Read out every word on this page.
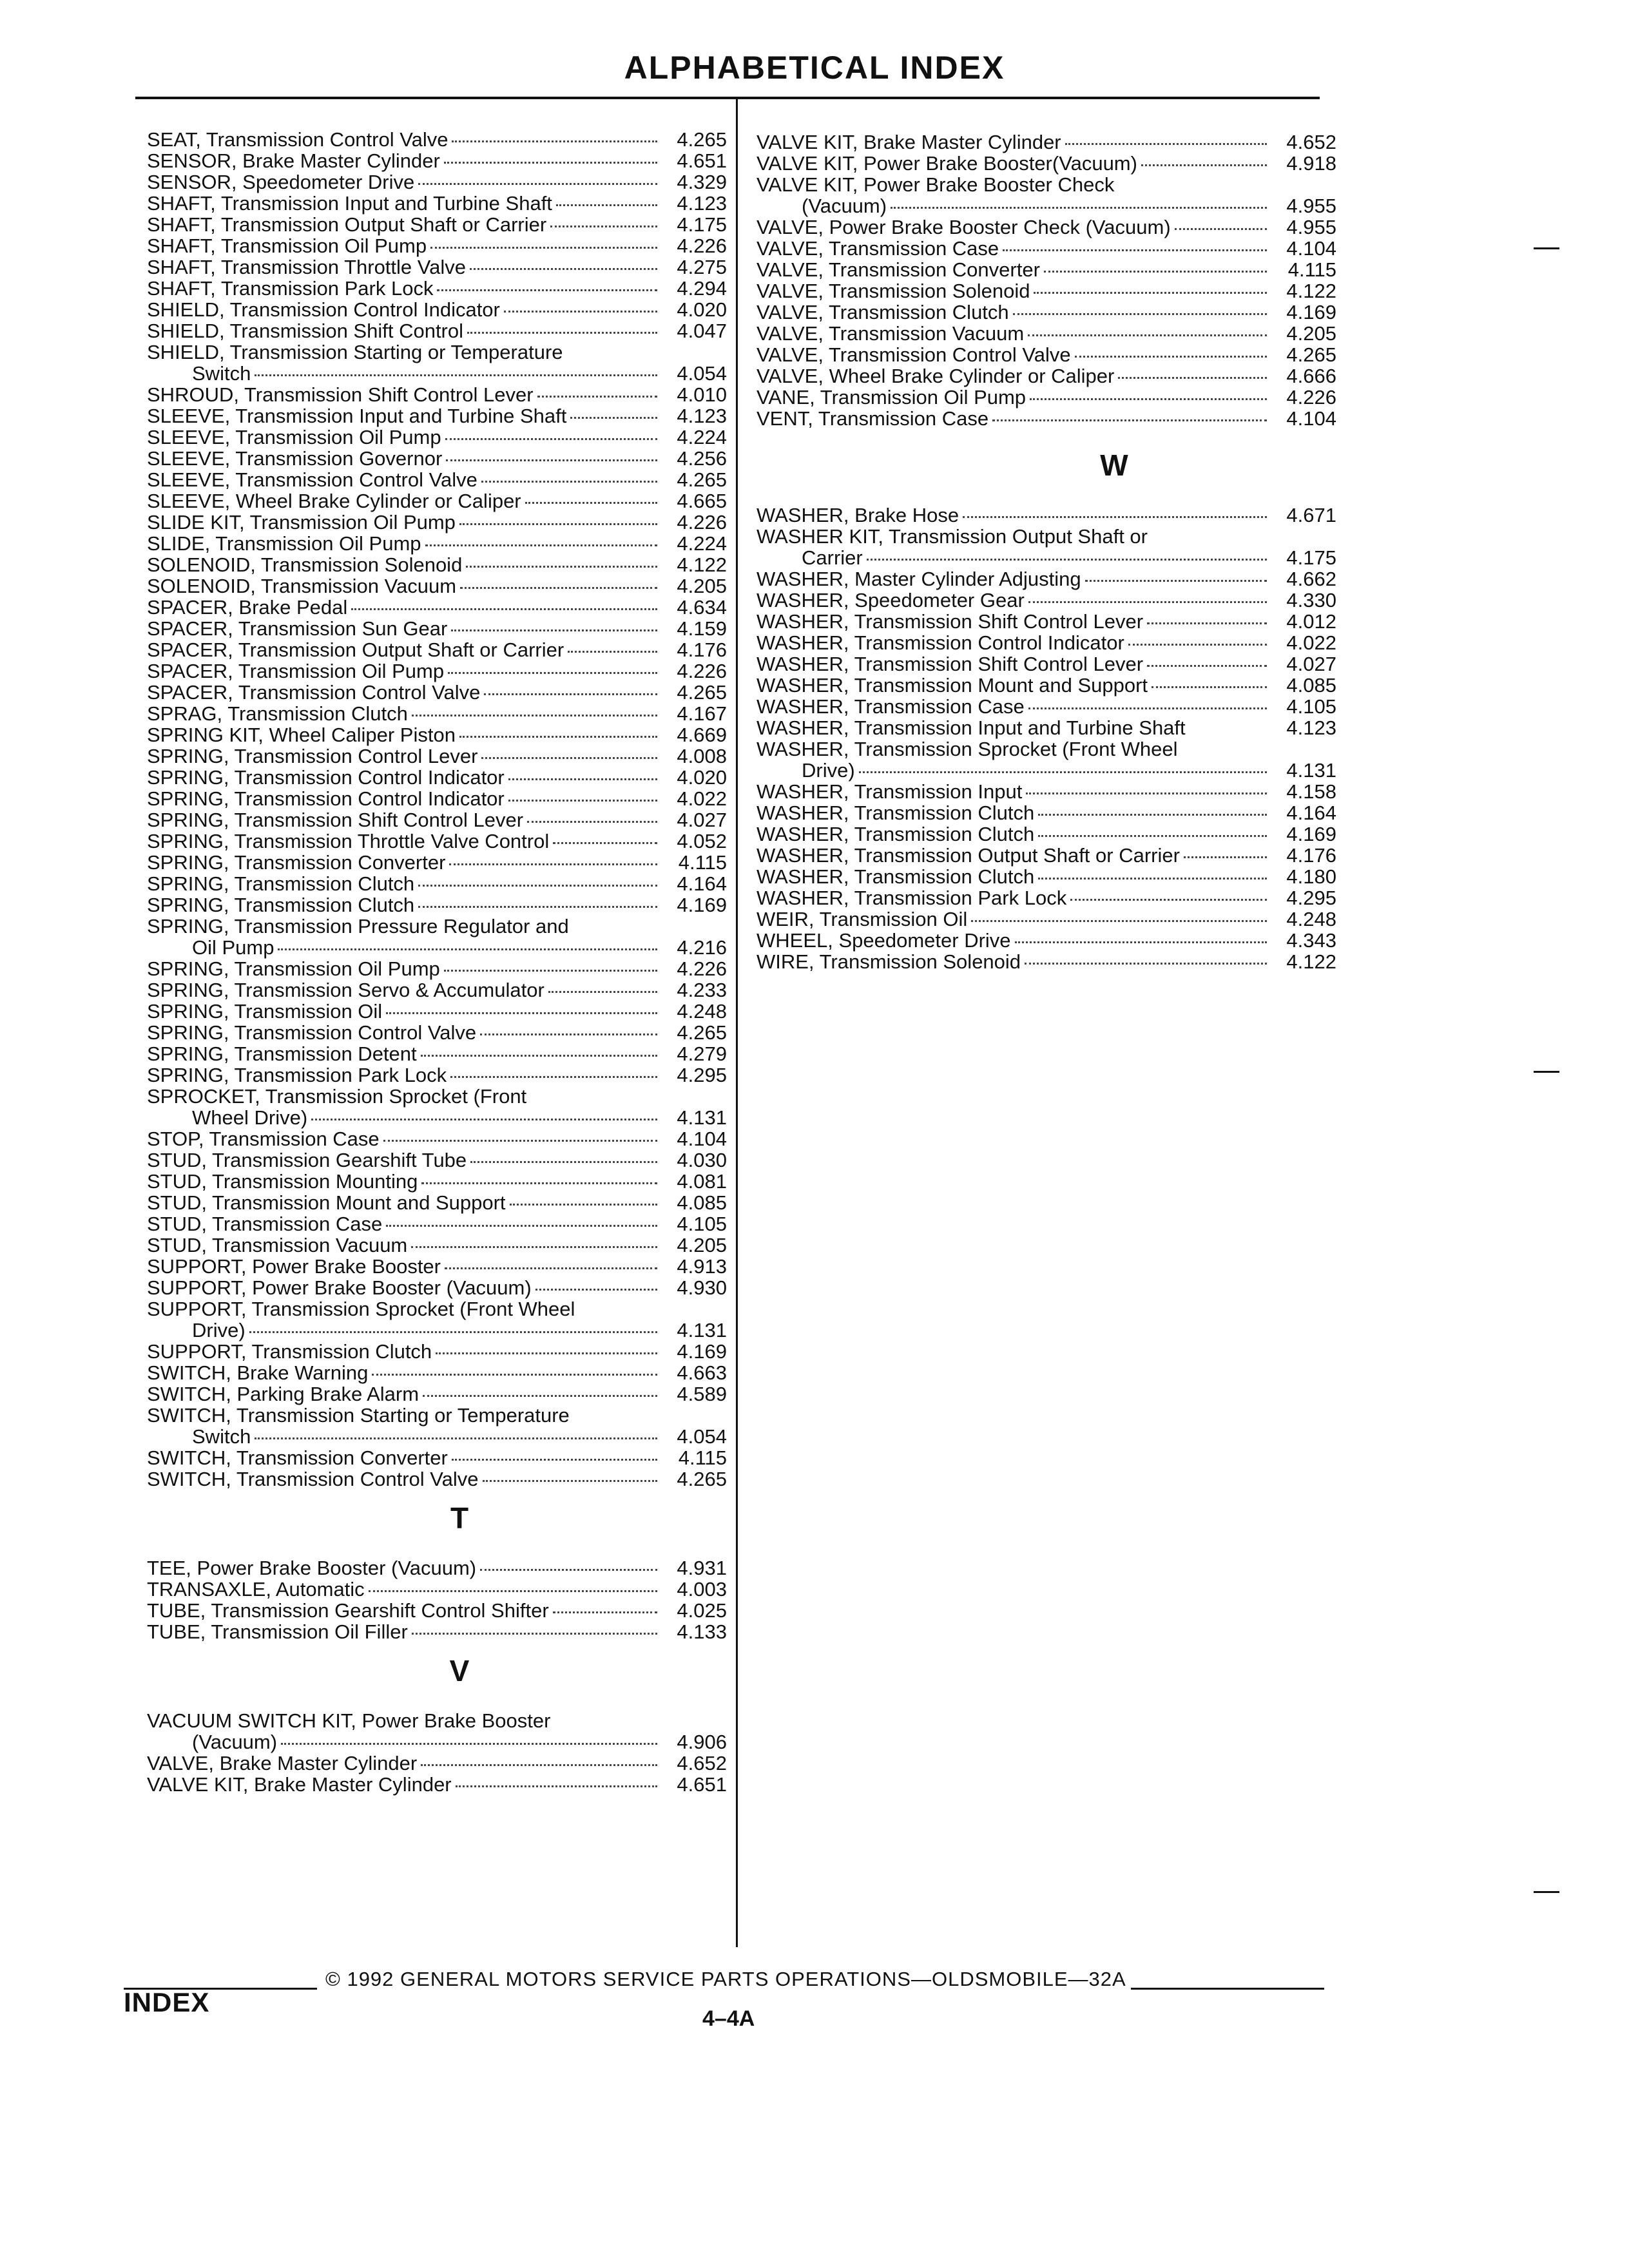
ALPHABETICAL INDEX
SEAT, Transmission Control Valve	4.265
SENSOR, Brake Master Cylinder	4.651
SENSOR, Speedometer Drive	4.329
SHAFT, Transmission Input and Turbine Shaft	4.123
SHAFT, Transmission Output Shaft or Carrier	4.175
SHAFT, Transmission Oil Pump	4.226
SHAFT, Transmission Throttle Valve	4.275
SHAFT, Transmission Park Lock	4.294
SHIELD, Transmission Control Indicator	4.020
SHIELD, Transmission Shift Control	4.047
SHIELD, Transmission Starting or Temperature
Switch	4.054
SHROUD, Transmission Shift Control Lever	4.010
SLEEVE, Transmission Input and Turbine Shaft	4.123
SLEEVE, Transmission Oil Pump	4.224
SLEEVE, Transmission Governor	4.256
SLEEVE, Transmission Control Valve	4.265
SLEEVE, Wheel Brake Cylinder or Caliper	4.665
SLIDE KIT, Transmission Oil Pump	4.226
SLIDE, Transmission Oil Pump	4.224
SOLENOID, Transmission Solenoid	4.122
SOLENOID, Transmission Vacuum	4.205
SPACER, Brake Pedal	4.634
SPACER, Transmission Sun Gear	4.159
SPACER, Transmission Output Shaft or Carrier	4.176
SPACER, Transmission Oil Pump	4.226
SPACER, Transmission Control Valve	4.265
SPRAG, Transmission Clutch	4.167
SPRING KIT, Wheel Caliper Piston	4.669
SPRING, Transmission Control Lever	4.008
SPRING, Transmission Control Indicator	4.020
SPRING, Transmission Control Indicator	4.022
SPRING, Transmission Shift Control Lever	4.027
SPRING, Transmission Throttle Valve Control	4.052
SPRING, Transmission Converter	4.115
SPRING, Transmission Clutch	4.164
SPRING, Transmission Clutch	4.169
SPRING, Transmission Pressure Regulator and
Oil Pump	4.216
SPRING, Transmission Oil Pump	4.226
SPRING, Transmission Servo & Accumulator	4.233
SPRING, Transmission Oil	4.248
SPRING, Transmission Control Valve	4.265
SPRING, Transmission Detent	4.279
SPRING, Transmission Park Lock	4.295
SPROCKET, Transmission Sprocket (Front
Wheel Drive)	4.131
STOP, Transmission Case	4.104
STUD, Transmission Gearshift Tube	4.030
STUD, Transmission Mounting	4.081
STUD, Transmission Mount and Support	4.085
STUD, Transmission Case	4.105
STUD, Transmission Vacuum	4.205
SUPPORT, Power Brake Booster	4.913
SUPPORT, Power Brake Booster (Vacuum)	4.930
SUPPORT, Transmission Sprocket (Front Wheel
Drive)	4.131
SUPPORT, Transmission Clutch	4.169
SWITCH, Brake Warning	4.663
SWITCH, Parking Brake Alarm	4.589
SWITCH, Transmission Starting or Temperature
Switch	4.054
SWITCH, Transmission Converter	4.115
SWITCH, Transmission Control Valve	4.265
T
TEE, Power Brake Booster (Vacuum)	4.931
TRANSAXLE, Automatic	4.003
TUBE, Transmission Gearshift Control Shifter	4.025
TUBE, Transmission Oil Filler	4.133
V
VACUUM SWITCH KIT, Power Brake Booster
(Vacuum)	4.906
VALVE, Brake Master Cylinder	4.652
VALVE KIT, Brake Master Cylinder	4.651
VALVE KIT, Brake Master Cylinder	4.652
VALVE KIT, Power Brake Booster(Vacuum)	4.918
VALVE KIT, Power Brake Booster Check
(Vacuum)	4.955
VALVE, Power Brake Booster Check (Vacuum)	4.955
VALVE, Transmission Case	4.104
VALVE, Transmission Converter	4.115
VALVE, Transmission Solenoid	4.122
VALVE, Transmission Clutch	4.169
VALVE, Transmission Vacuum	4.205
VALVE, Transmission Control Valve	4.265
VALVE, Wheel Brake Cylinder or Caliper	4.666
VANE, Transmission Oil Pump	4.226
VENT, Transmission Case	4.104
W
WASHER, Brake Hose	4.671
WASHER KIT, Transmission Output Shaft or
Carrier	4.175
WASHER, Master Cylinder Adjusting	4.662
WASHER, Speedometer Gear	4.330
WASHER, Transmission Shift Control Lever	4.012
WASHER, Transmission Control Indicator	4.022
WASHER, Transmission Shift Control Lever	4.027
WASHER, Transmission Mount and Support	4.085
WASHER, Transmission Case	4.105
WASHER, Transmission Input and Turbine Shaft	4.123
WASHER, Transmission Sprocket (Front Wheel
Drive)	4.131
WASHER, Transmission Input	4.158
WASHER, Transmission Clutch	4.164
WASHER, Transmission Clutch	4.169
WASHER, Transmission Output Shaft or Carrier	4.176
WASHER, Transmission Clutch	4.180
WASHER, Transmission Park Lock	4.295
WEIR, Transmission Oil	4.248
WHEEL, Speedometer Drive	4.343
WIRE, Transmission Solenoid	4.122
© 1992 GENERAL MOTORS SERVICE PARTS OPERATIONS—OLDSMOBILE—32A
INDEX
4–4A
